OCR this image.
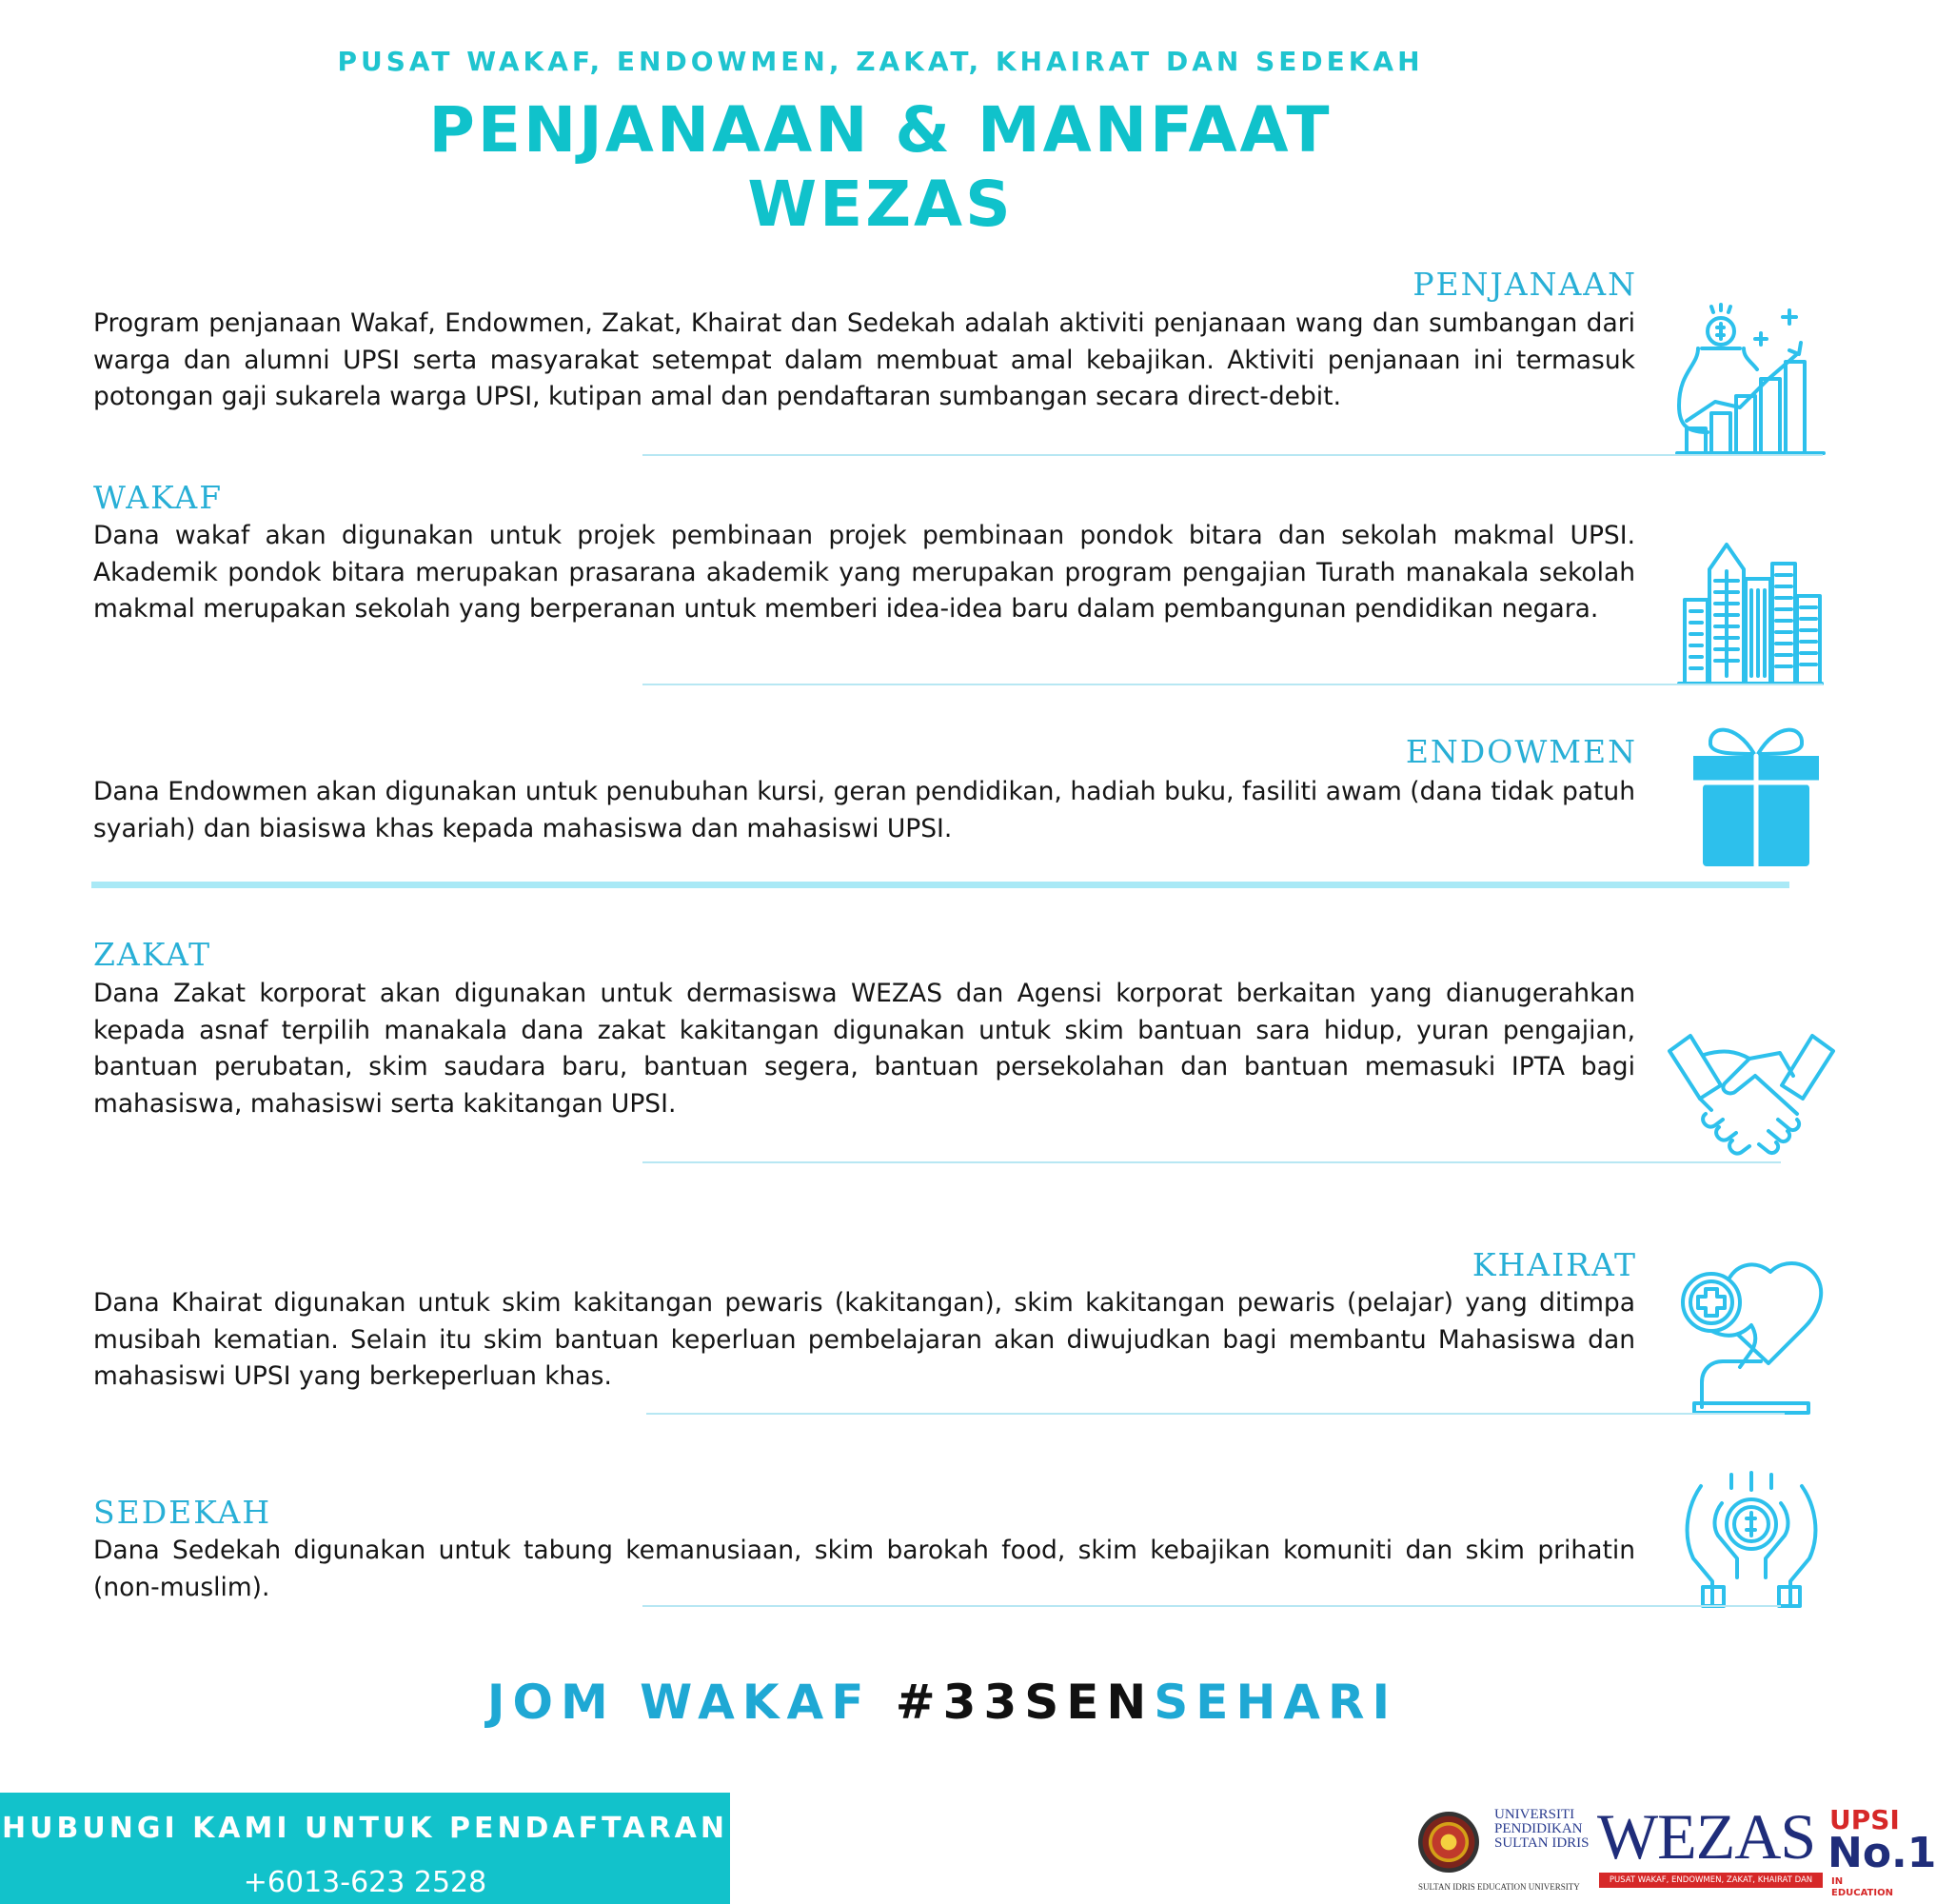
PUSAT WAKAF, ENDOWMEN, ZAKAT, KHAIRAT DAN SEDEKAH
PENJANAAN & MANFAAT
WEZAS
PENJANAAN
Program penjanaan Wakaf, Endowmen, Zakat, Khairat dan Sedekah adalah aktiviti penjanaan wang dan sumbangan dari warga dan alumni UPSI serta masyarakat setempat dalam membuat amal kebajikan. Aktiviti penjanaan ini termasuk potongan gaji sukarela warga UPSI, kutipan amal dan pendaftaran sumbangan secara direct-debit.
WAKAF
Dana wakaf akan digunakan untuk projek pembinaan projek pembinaan pondok bitara dan sekolah makmal UPSI. Akademik pondok bitara merupakan prasarana akademik yang merupakan program pengajian Turath manakala sekolah makmal merupakan sekolah yang berperanan untuk memberi idea-idea baru dalam pembangunan pendidikan negara.
ENDOWMEN
Dana Endowmen akan digunakan untuk penubuhan kursi, geran pendidikan, hadiah buku, fasiliti awam (dana tidak patuh syariah) dan biasiswa khas kepada mahasiswa dan mahasiswi UPSI.
ZAKAT
Dana Zakat korporat akan digunakan untuk dermasiswa WEZAS dan Agensi korporat berkaitan yang dianugerahkan kepada asnaf terpilih manakala dana zakat kakitangan digunakan untuk skim bantuan sara hidup, yuran pengajian, bantuan perubatan, skim saudara baru, bantuan segera, bantuan persekolahan dan bantuan memasuki IPTA bagi mahasiswa, mahasiswi serta kakitangan UPSI.
KHAIRAT
Dana Khairat digunakan untuk skim kakitangan pewaris (kakitangan), skim kakitangan pewaris (pelajar) yang ditimpa musibah kematian. Selain itu skim bantuan keperluan pembelajaran akan diwujudkan bagi membantu Mahasiswa dan mahasiswi UPSI yang berkeperluan khas.
SEDEKAH
Dana Sedekah digunakan untuk tabung kemanusiaan, skim barokah food, skim kebajikan komuniti dan skim prihatin (non-muslim).
JOM WAKAF #33SENSEHARI
HUBUNGI KAMI UNTUK PENDAFTARAN
+6013-623 2528
UNIVERSITI PENDIDIKAN SULTAN IDRIS
SULTAN IDRIS EDUCATION UNIVERSITY
WEZAS
PUSAT WAKAF, ENDOWMEN, ZAKAT, KHAIRAT DAN SEDEKAH
UPSI
No.1
IN EDUCATION
